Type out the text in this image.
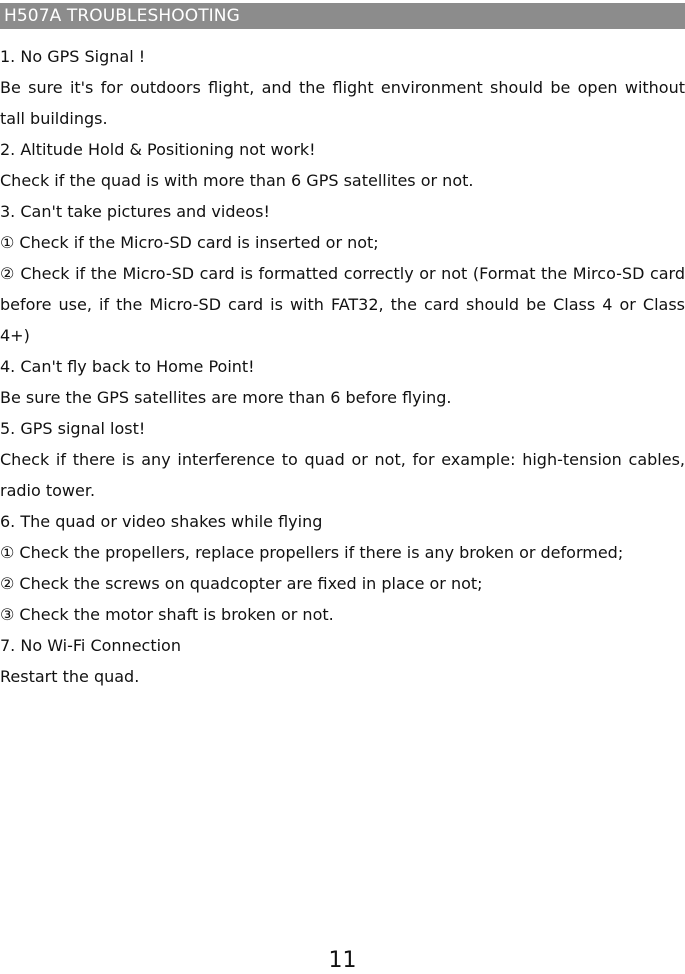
H507A TROUBLESHOOTING
1. No GPS Signal !
Be sure it's for outdoors flight, and the flight environment should be open without tall buildings.
2. Altitude Hold & Positioning not work!
Check if the quad is with more than 6 GPS satellites or not.
3. Can't take pictures and videos!
① Check if the Micro-SD card is inserted or not;
② Check if the Micro-SD card is formatted correctly or not (Format the Mirco-SD card before use, if the Micro-SD card is with FAT32, the card should be Class 4 or Class 4+)
4. Can't fly back to Home Point!
Be sure the GPS satellites are more than 6 before flying.
5. GPS signal lost!
Check if there is any interference to quad or not, for example: high-tension cables, radio tower.
6. The quad or video shakes while flying
① Check the propellers, replace propellers if there is any broken or deformed;
② Check the screws on quadcopter are fixed in place or not;
③ Check the motor shaft is broken or not.
7. No Wi-Fi Connection
Restart the quad.
11
